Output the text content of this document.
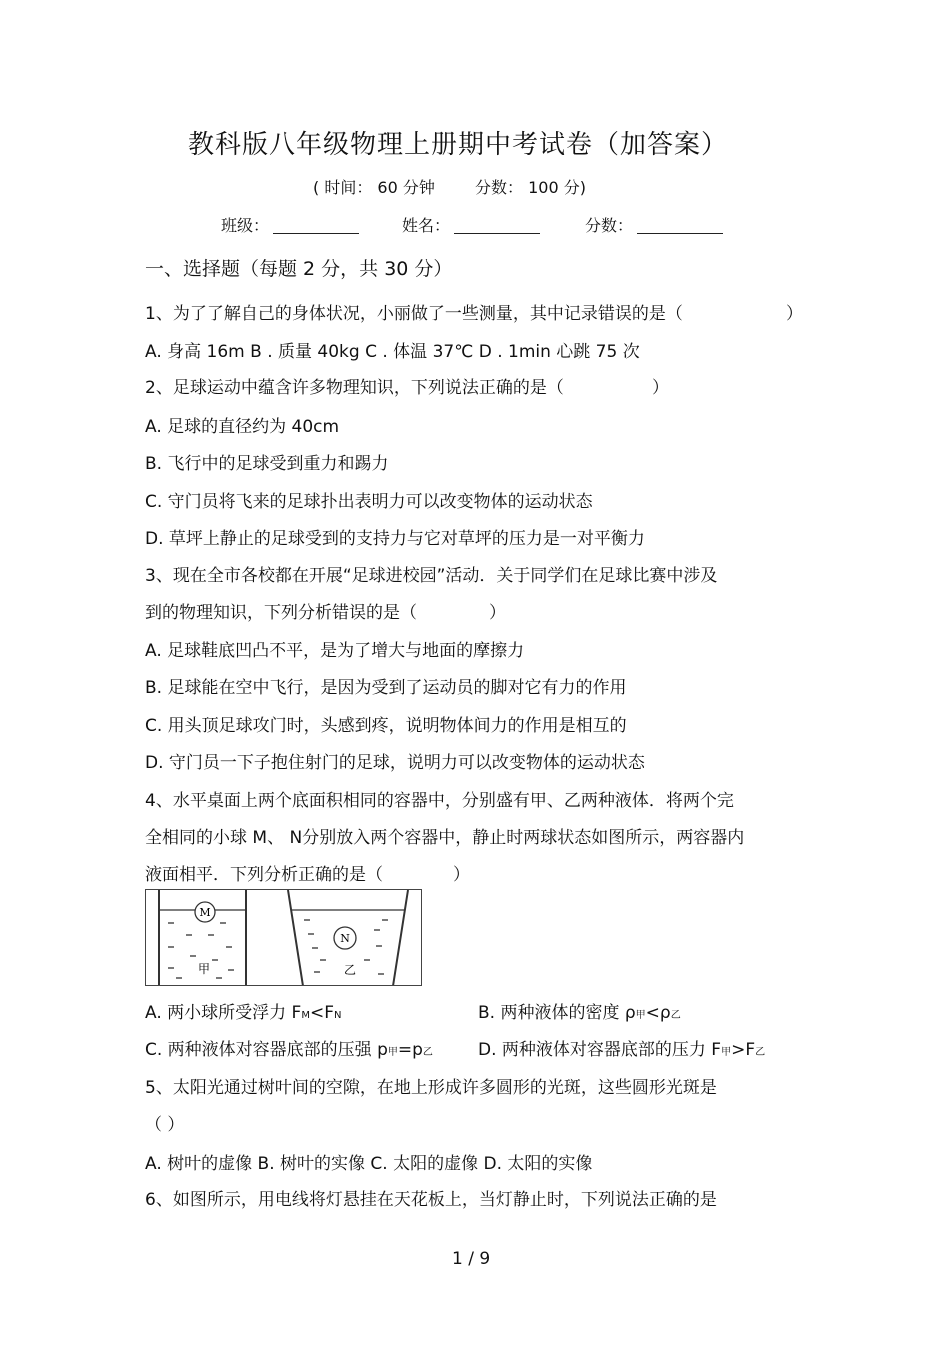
教科版八年级物理上册期中考试卷（加答案）
( 时间： 60 分钟	分数： 100 分)
班级：	姓名：	分数：
一、选择题（每题 2 分，共 30 分）
1、为了了解自己的身体状况，小丽做了一些测量，其中记录错误的是（	）
A. 身高 16m B . 质量 40kg C . 体温 37℃ D . 1min 心跳 75 次
2、足球运动中蕴含许多物理知识，下列说法正确的是（	）
A. 足球的直径约为 40cm
B. 飞行中的足球受到重力和踢力
C. 守门员将飞来的足球扑出表明力可以改变物体的运动状态
D. 草坪上静止的足球受到的支持力与它对草坪的压力是一对平衡力
3、现在全市各校都在开展“足球进校园”活动．关于同学们在足球比赛中涉及
到的物理知识，下列分析错误的是（	）
A. 足球鞋底凹凸不平，是为了增大与地面的摩擦力
B. 足球能在空中飞行，是因为受到了运动员的脚对它有力的作用
C. 用头顶足球攻门时，头感到疼，说明物体间力的作用是相互的
D. 守门员一下子抱住射门的足球，说明力可以改变物体的运动状态
4、水平桌面上两个底面积相同的容器中，分别盛有甲、乙两种液体．将两个完
全相同的小球 M、 N分别放入两个容器中，静止时两球状态如图所示，两容器内
液面相平．下列分析正确的是（	）
M
甲
N
乙
A. 两小球所受浮力 FM<FN	B. 两种液体的密度 ρ甲<ρ乙
C. 两种液体对容器底部的压强 p甲=p乙	D. 两种液体对容器底部的压力 F甲>F乙
5、太阳光通过树叶间的空隙，在地上形成许多圆形的光斑，这些圆形光斑是
（ ）
A. 树叶的虚像 B. 树叶的实像 C. 太阳的虚像 D. 太阳的实像
6、如图所示，用电线将灯悬挂在天花板上，当灯静止时，下列说法正确的是
1 / 9
